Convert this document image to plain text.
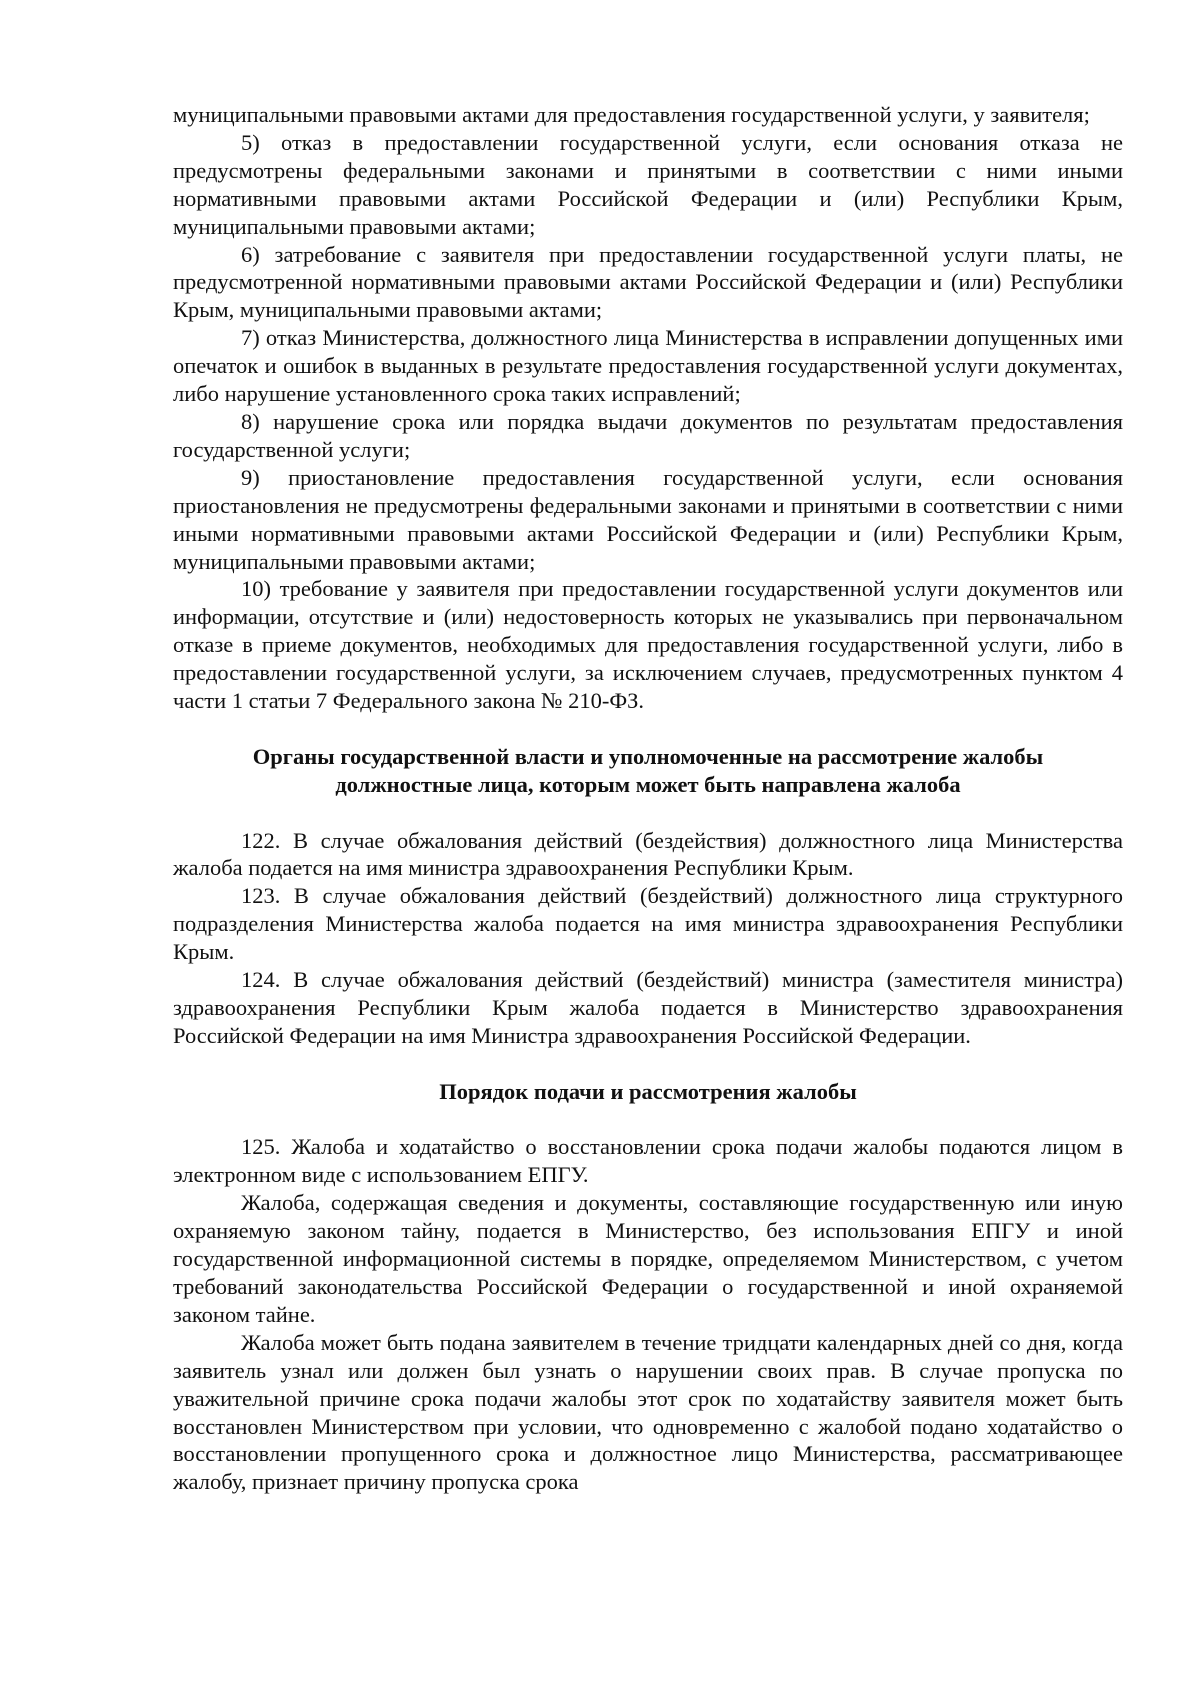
муниципальными правовыми актами для предоставления государственной услуги, у заявителя;

5) отказ в предоставлении государственной услуги, если основания отказа не предусмотрены федеральными законами и принятыми в соответствии с ними иными нормативными правовыми актами Российской Федерации и (или) Республики Крым, муниципальными правовыми актами;

6) затребование с заявителя при предоставлении государственной услуги платы, не предусмотренной нормативными правовыми актами Российской Федерации и (или) Республики Крым, муниципальными правовыми актами;

7) отказ Министерства, должностного лица Министерства в исправлении допущенных ими опечаток и ошибок в выданных в результате предоставления государственной услуги документах, либо нарушение установленного срока таких исправлений;

8) нарушение срока или порядка выдачи документов по результатам предоставления государственной услуги;

9) приостановление предоставления государственной услуги, если основания приостановления не предусмотрены федеральными законами и принятыми в соответствии с ними иными нормативными правовыми актами Российской Федерации и (или) Республики Крым, муниципальными правовыми актами;

10) требование у заявителя при предоставлении государственной услуги документов или информации, отсутствие и (или) недостоверность которых не указывались при первоначальном отказе в приеме документов, необходимых для предоставления государственной услуги, либо в предоставлении государственной услуги, за исключением случаев, предусмотренных пунктом 4 части 1 статьи 7 Федерального закона № 210-ФЗ.

Органы государственной власти и уполномоченные на рассмотрение жалобы
должностные лица, которым может быть направлена жалоба

122. В случае обжалования действий (бездействия) должностного лица Министерства жалоба подается на имя министра здравоохранения Республики Крым.

123. В случае обжалования действий (бездействий) должностного лица структурного подразделения Министерства жалоба подается на имя министра здравоохранения Республики Крым.

124. В случае обжалования действий (бездействий) министра (заместителя министра) здравоохранения Республики Крым жалоба подается в Министерство здравоохранения Российской Федерации на имя Министра здравоохранения Российской Федерации.

Порядок подачи и рассмотрения жалобы

125. Жалоба и ходатайство о восстановлении срока подачи жалобы подаются лицом в электронном виде с использованием ЕПГУ.

Жалоба, содержащая сведения и документы, составляющие государственную или иную охраняемую законом тайну, подается в Министерство, без использования ЕПГУ и иной государственной информационной системы в порядке, определяемом Министерством, с учетом требований законодательства Российской Федерации о государственной и иной охраняемой законом тайне.

Жалоба может быть подана заявителем в течение тридцати календарных дней со дня, когда заявитель узнал или должен был узнать о нарушении своих прав. В случае пропуска по уважительной причине срока подачи жалобы этот срок по ходатайству заявителя может быть восстановлен Министерством при условии, что одновременно с жалобой подано ходатайство о восстановлении пропущенного срока и должностное лицо Министерства, рассматривающее жалобу, признает причину пропуска срока
